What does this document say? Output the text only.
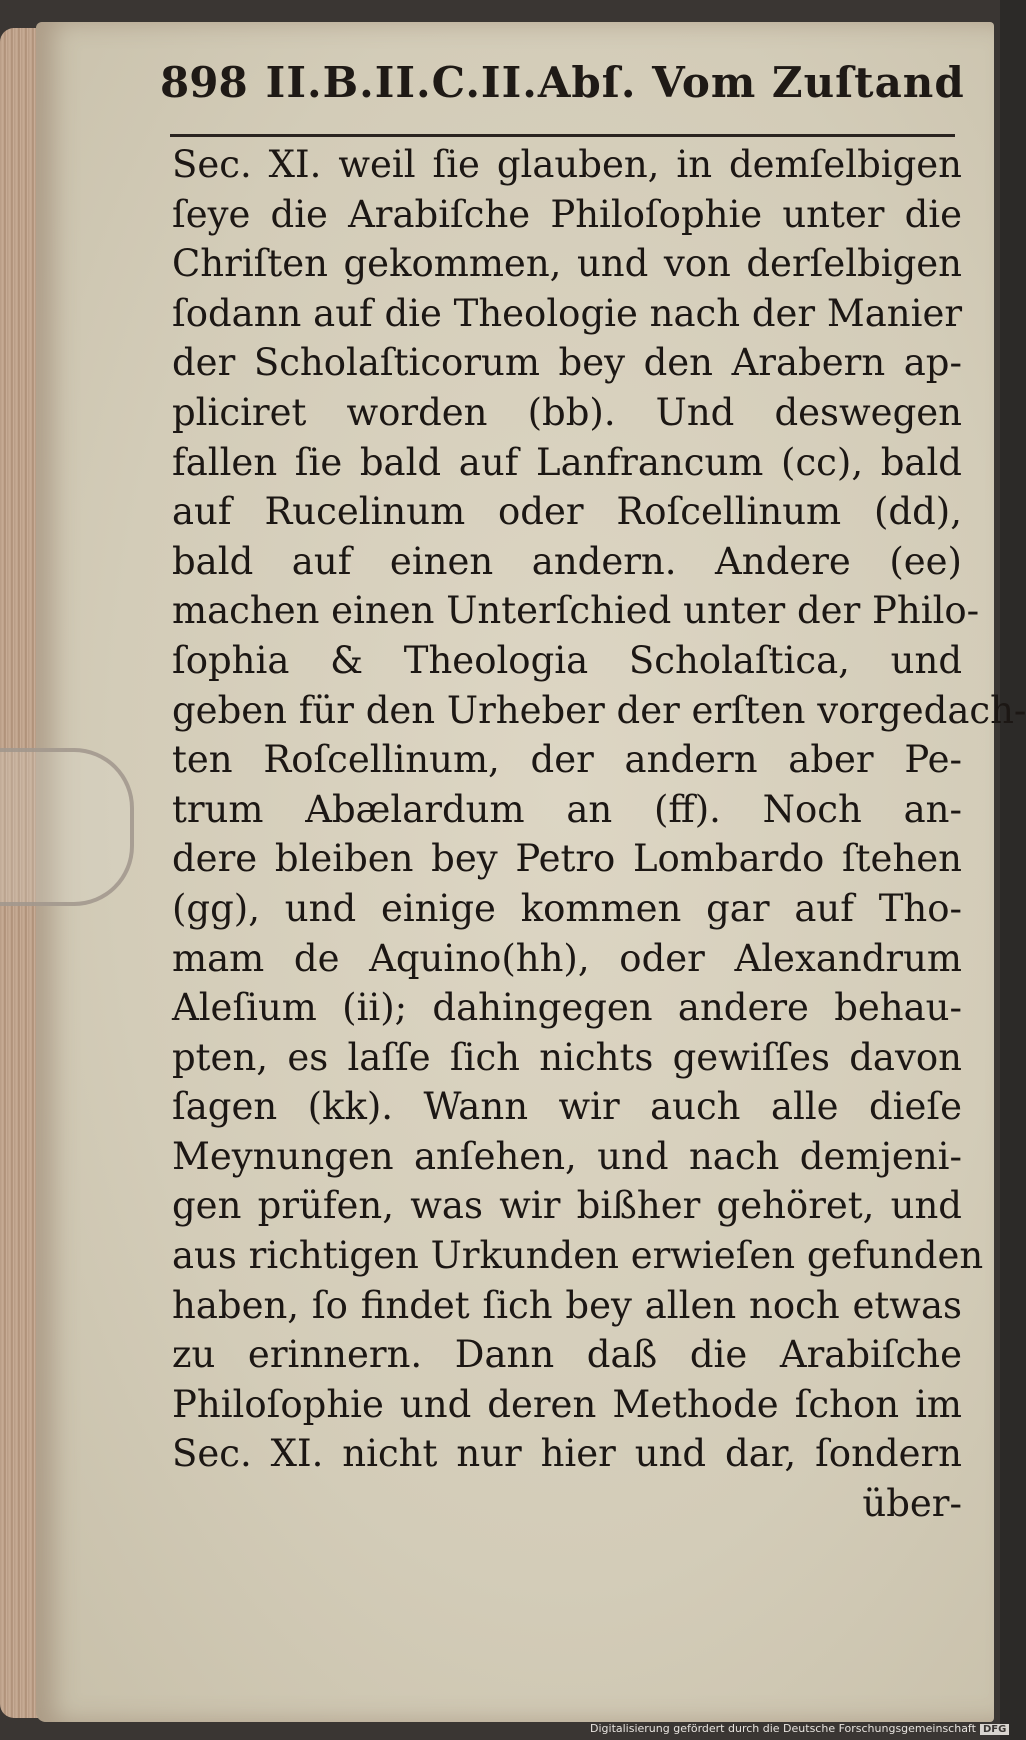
898 II.B.II.C.II.Abſ. Vom Zuſtand
Sec. XI. weil ſie glauben, in demſelbigen
ſeye die Arabiſche Philoſophie unter die
Chriſten gekommen, und von derſelbigen
ſodann auf die Theologie nach der Manier
der Scholaſticorum bey den Arabern ap-
pliciret worden (bb). Und deswegen
fallen ſie bald auf Lanfrancum (cc), bald
auf Rucelinum oder Roſcellinum (dd),
bald auf einen andern. Andere (ee)
machen einen Unterſchied unter der Philo-
ſophia & Theologia Scholaſtica, und
geben für den Urheber der erſten vorgedach-
ten Roſcellinum, der andern aber Pe-
trum Abælardum an (ff). Noch an-
dere bleiben bey Petro Lombardo ſtehen
(gg), und einige kommen gar auf Tho-
mam de Aquino(hh), oder Alexandrum
Aleſium (ii); dahingegen andere behau-
pten, es laſſe ſich nichts gewiſſes davon
ſagen (kk). Wann wir auch alle dieſe
Meynungen anſehen, und nach demjeni-
gen prüfen, was wir bißher gehöret, und
aus richtigen Urkunden erwieſen gefunden
haben, ſo findet ſich bey allen noch etwas
zu erinnern. Dann daß die Arabiſche
Philoſophie und deren Methode ſchon im
Sec. XI. nicht nur hier und dar, ſondern
über-
Digitalisierung gefördert durch die Deutsche Forschungsgemeinschaft DFG
